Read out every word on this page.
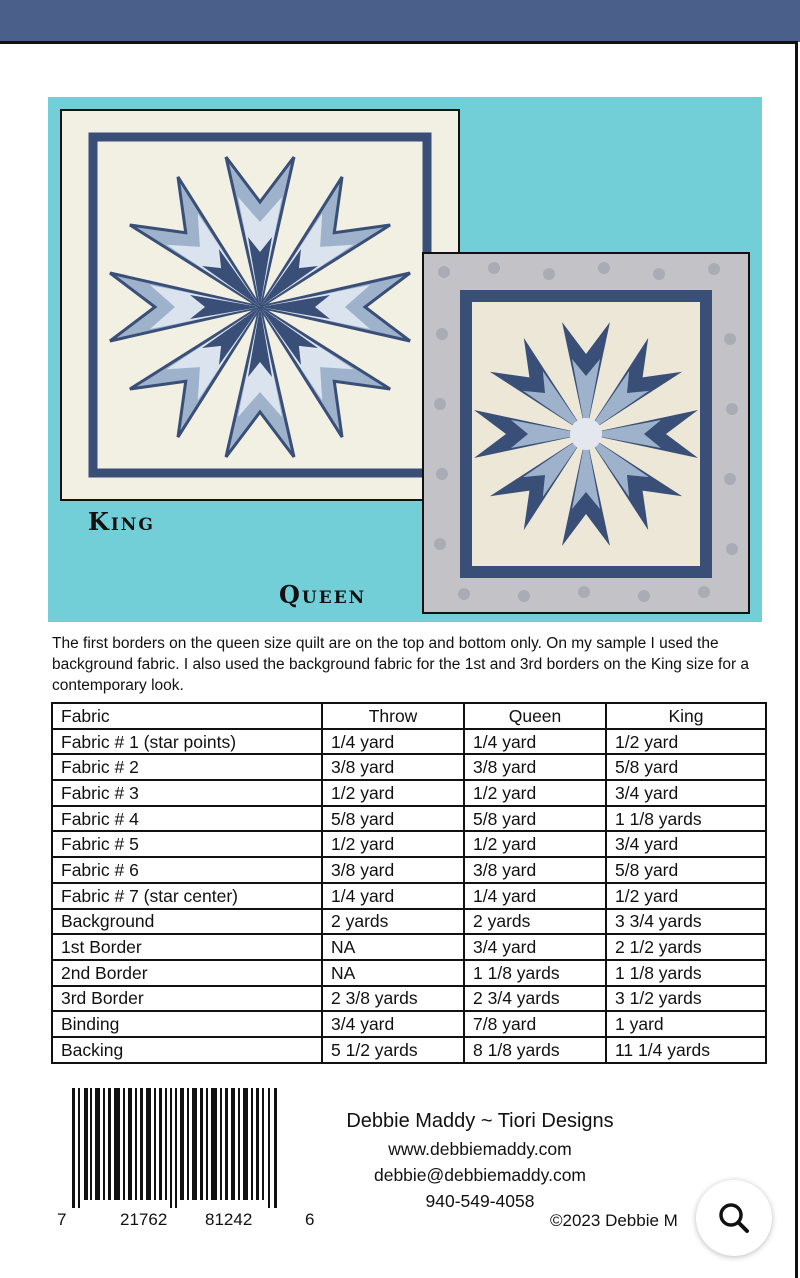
King
Queen

The first borders on the queen size quilt are on the top and bottom only. On my sample I used the background fabric. I also used the background fabric for the 1st and 3rd borders on the King size for a contemporary look.

Fabric	Throw	Queen	King
Fabric # 1 (star points)	1/4 yard	1/4 yard	1/2 yard
Fabric # 2	3/8 yard	3/8 yard	5/8 yard
Fabric # 3	1/2 yard	1/2 yard	3/4 yard
Fabric # 4	5/8 yard	5/8 yard	1 1/8 yards
Fabric # 5	1/2 yard	1/2 yard	3/4 yard
Fabric # 6	3/8 yard	3/8 yard	5/8 yard
Fabric # 7 (star center)	1/4 yard	1/4 yard	1/2 yard
Background	2 yards	2 yards	3 3/4 yards
1st Border	NA	3/4 yard	2 1/2 yards
2nd Border	NA	1 1/8 yards	1 1/8 yards
3rd Border	2 3/8 yards	2 3/4 yards	3 1/2 yards
Binding	3/4 yard	7/8 yard	1 yard
Backing	5 1/2 yards	8 1/8 yards	11 1/4 yards
7	21762 81242	6
Debbie Maddy ~ Tiori Designs
www.debbiemaddy.com
debbie@debbiemaddy.com
940-549-4058
©2023 Debbie M
